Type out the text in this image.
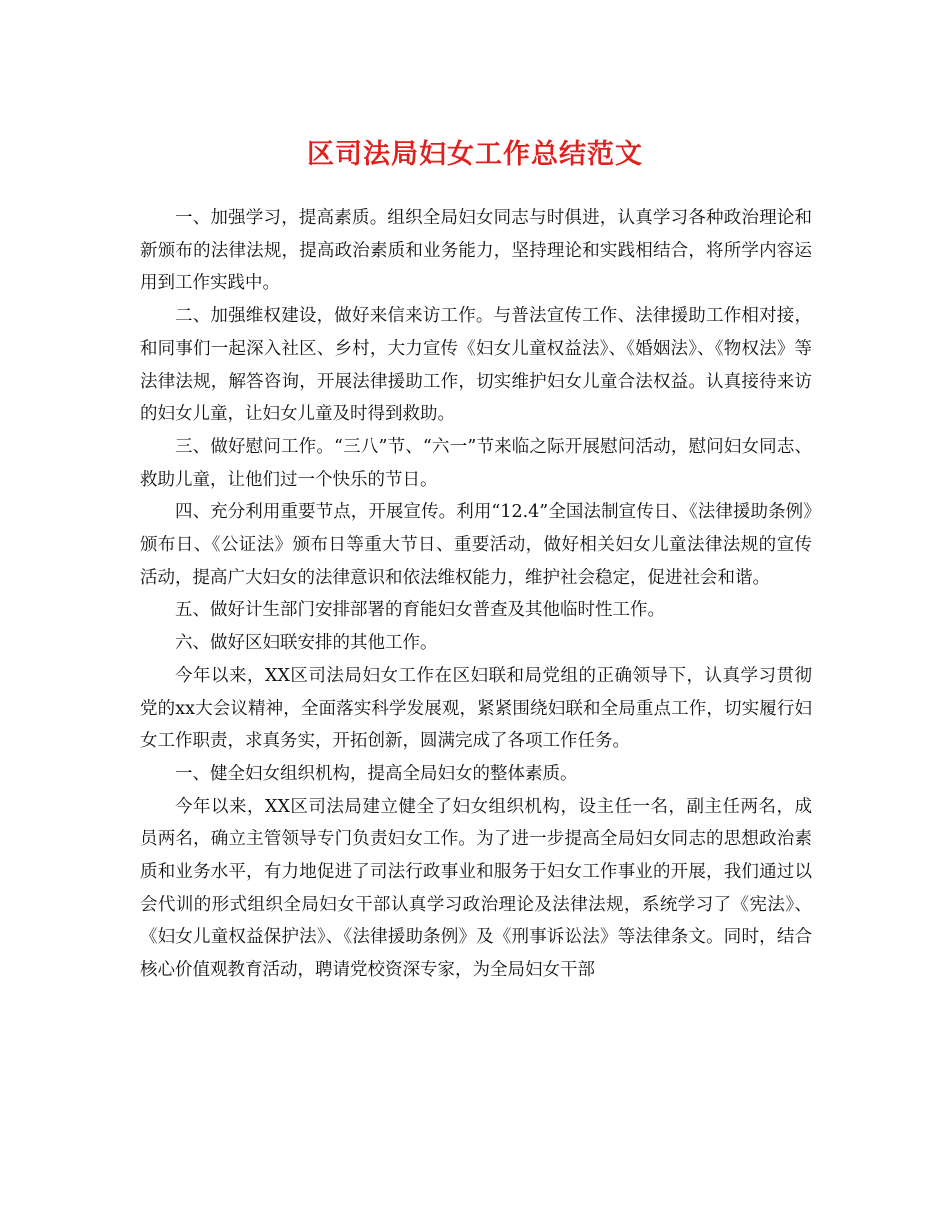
区司法局妇女工作总结范文

一、加强学习，提高素质。组织全局妇女同志与时俱进，认真学习各种政治理论和新颁布的法律法规，提高政治素质和业务能力，坚持理论和实践相结合，将所学内容运用到工作实践中。

二、加强维权建设，做好来信来访工作。与普法宣传工作、法律援助工作相对接，和同事们一起深入社区、乡村，大力宣传《妇女儿童权益法》、《婚姻法》、《物权法》等法律法规，解答咨询，开展法律援助工作，切实维护妇女儿童合法权益。认真接待来访的妇女儿童，让妇女儿童及时得到救助。

三、做好慰问工作。“三八”节、“六一”节来临之际开展慰问活动，慰问妇女同志、救助儿童，让他们过一个快乐的节日。

四、充分利用重要节点，开展宣传。利用“12.4”全国法制宣传日、《法律援助条例》颁布日、《公证法》颁布日等重大节日、重要活动，做好相关妇女儿童法律法规的宣传活动，提高广大妇女的法律意识和依法维权能力，维护社会稳定，促进社会和谐。

五、做好计生部门安排部署的育能妇女普查及其他临时性工作。

六、做好区妇联安排的其他工作。

今年以来，XX区司法局妇女工作在区妇联和局党组的正确领导下，认真学习贯彻党的xx大会议精神，全面落实科学发展观，紧紧围绕妇联和全局重点工作，切实履行妇女工作职责，求真务实，开拓创新，圆满完成了各项工作任务。

一、健全妇女组织机构，提高全局妇女的整体素质。

今年以来，XX区司法局建立健全了妇女组织机构，设主任一名，副主任两名，成员两名，确立主管领导专门负责妇女工作。为了进一步提高全局妇女同志的思想政治素质和业务水平，有力地促进了司法行政事业和服务于妇女工作事业的开展，我们通过以会代训的形式组织全局妇女干部认真学习政治理论及法律法规，系统学习了《宪法》、《妇女儿童权益保护法》、《法律援助条例》及《刑事诉讼法》等法律条文。同时，结合核心价值观教育活动，聘请党校资深专家，为全局妇女干部
